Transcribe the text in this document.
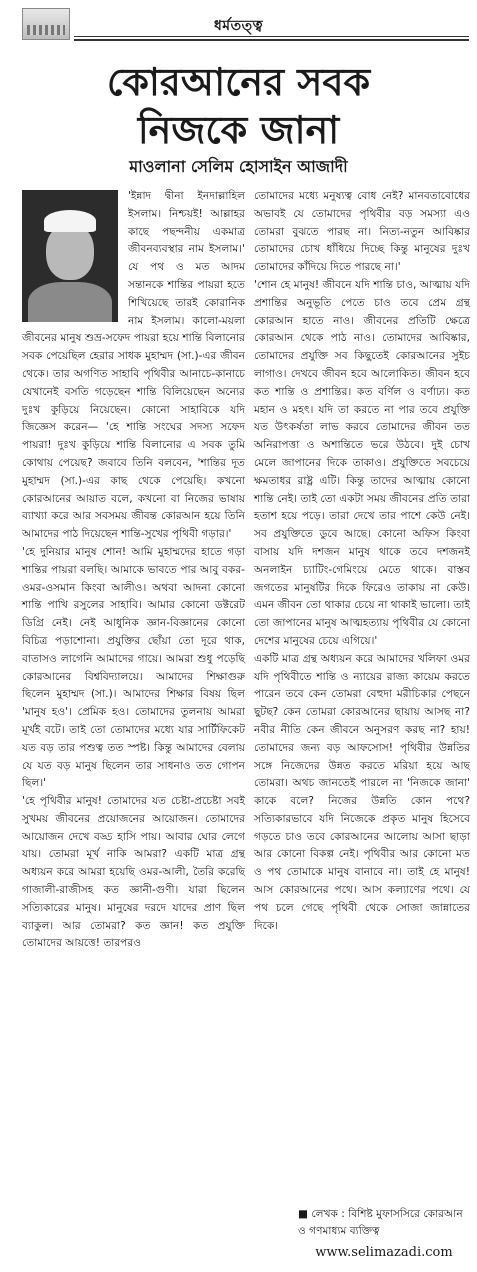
ধর্মতত্ত্ব
কোরআনের সবক
নিজকে জানা
মাওলানা সেলিম হোসাইন আজাদী

'ইন্নাদ দ্বীনা ইনদাল্লাহিল ইসলাম। নিশ্চয়ই! আল্লাহর কাছে পছন্দনীয় একমাত্র জীবনব্যবস্থার নাম ইসলাম।' যে পথ ও মত আদম সন্তানকে শান্তির পায়রা হতে শিখিয়েছে তারই কোরানিক নাম ইসলাম। কালো-ময়লা জীবনের মানুষ শুভ্র-সফেদ পায়রা হয়ে শান্তি বিলানোর সবক পেয়েছিল হেরার সাধক মুহাম্মদ (সা.)-এর জীবন থেকে। তার অগণিত সাহাবি পৃথিবীর আনাচে-কানাচে যেখানেই বসতি গড়েছেন শান্তি বিলিয়েছেন অন্যের দুঃখ কুড়িয়ে নিয়েছেন। কোনো সাহাবিকে যদি জিজ্ঞেস করেন— 'হে শান্তি সংঘের সদস্য সফেদ পায়রা! দুঃখ কুড়িয়ে শান্তি বিলানোর এ সবক তুমি কোথায় পেয়েছ? জবাবে তিনি বলবেন, 'শান্তির দূত মুহাম্মদ (সা.)-এর কাছ থেকে পেয়েছি। কখনো কোরআনের আয়াত বলে, কখনো বা নিজের ভাষায় ব্যাখ্যা করে আর সবসময় জীবন্ত কোরআন হয়ে তিনি আমাদের পাঠ দিয়েছেন শান্তি-সুখের পৃথিবী গড়ার।'

'হে দুনিয়ার মানুষ শোন! আমি মুহাম্মদের হাতে গড়া শান্তির পায়রা বলছি। আমাকে ভাবতে পার আবু বকর-ওমর-ওসমান কিংবা আলীও। অথবা আদনা কোনো শান্তি পাখি রসুলের সাহাবি। আমার কোনো ডক্টরেট ডিগ্রি নেই। নেই আধুনিক জ্ঞান-বিজ্ঞানের কোনো বিচিত্র পড়াশোনা। প্রযুক্তির ছোঁয়া তো দূরে থাক, বাতাসও লাগেনি আমাদের গায়ে। আমরা শুধু পড়েছি কোরআনের বিশ্ববিদ্যালয়ে। আমাদের শিক্ষাগুরু ছিলেন মুহাম্মদ (সা.)। আমাদের শিক্ষার বিষয় ছিল 'মানুষ হও'। প্রেমিক হও। তোমাদের তুলনায় আমরা মূর্খই বটে। তাই তো তোমাদের মধ্যে যার সার্টিফিকেট যত বড় তার পশুত্ব তত স্পষ্ট। কিন্তু আমাদের বেলায় যে যত বড় মানুষ ছিলেন তার সাধনাও তত গোপন ছিল।'

'হে পৃথিবীর মানুষ! তোমাদের যত চেষ্টা-প্রচেষ্টা সবই সুখময় জীবনের প্রয়োজনের আয়োজন। তোমাদের আয়োজন দেখে বড্ড হাসি পায়। আবার ঘোর লেগে যায়। তোমরা মূর্খ নাকি আমরা? একটি মাত্র গ্রন্থ অধ্যয়ন করে আমরা হয়েছি ওমর-আলী, তৈরি করেছি গাজালী-রাজীসহ কত জ্ঞানী-গুণী। যারা ছিলেন সত্যিকারের মানুষ। মানুষের দরদে যাদের প্রাণ ছিল ব্যাকুল। আর তোমরা? কত জ্ঞান! কত প্রযুক্তি তোমাদের আয়ত্তে! তারপরও

তোমাদের মধ্যে মনুষ্যত্ব বোধ নেই? মানবতাবোধের অভাবই যে তোমাদের পৃথিবীর বড় সমস্যা এও তোমরা বুঝতে পারছ না। নিত্য-নতুন আবিষ্কার তোমাদের চোখ ধাঁধিয়ে দিচ্ছে কিন্তু মানুষের দুঃখ তোমাদের কাঁদিয়ে দিতে পারছে না।'

'শোন হে মানুষ! জীবনে যদি শান্তি চাও, আত্মায় যদি প্রশান্তির অনুভূতি পেতে চাও তবে প্রেম গ্রন্থ কোরআন হাতে নাও। জীবনের প্রতিটি ক্ষেত্রে কোরআন থেকে পাঠ নাও। তোমাদের আবিষ্কার, তোমাদের প্রযুক্তি সব কিছুতেই কোরআনের সুইচ লাগাও। দেখবে জীবন হবে আলোকিত। জীবন হবে কত শান্তি ও প্রশান্তির। কত বর্ণিল ও বর্ণাঢ্য। কত মহান ও মহৎ। যদি তা করতে না পার তবে প্রযুক্তি যত উৎকর্ষতা লাভ করবে তোমাদের জীবন তত অনিরাপত্তা ও অশান্তিতে ভরে উঠবে। দুই চোখ মেলে জাপানের দিকে তাকাও। প্রযুক্তিতে সবচেয়ে ক্ষমতাধর রাষ্ট্র এটি। কিন্তু তাদের আত্মায় কোনো শান্তি নেই। তাই তো একটা সময় জীবনের প্রতি তারা হতাশ হয়ে পড়ে। তারা দেখে তার পাশে কেউ নেই। সব প্রযুক্তিতে ডুবে আছে। কোনো অফিস কিংবা বাসায় যদি দশজন মানুষ থাকে তবে দশজনই অনলাইন চ্যাটিং-গেমিংয়ে মেতে থাকে। বাস্তব জগতের মানুষটির দিকে ফিরেও তাকায় না কেউ। এমন জীবন তো থাকার চেয়ে না থাকাই ভালো। তাই তো জাপানের মানুষ আত্মহত্যায় পৃথিবীর যে কোনো দেশের মানুষের চেয়ে এগিয়ে।'

একটি মাত্র গ্রন্থ অধ্যয়ন করে আমাদের খলিফা ওমর যদি পৃথিবীতে শান্তি ও ন্যায়ের রাজ্য কায়েম করতে পারেন তবে কেন তোমরা বেহুদা মরীচিকার পেছনে ছুটছ? কেন তোমরা কোরআনের ছায়ায় আসছ না? নবীর নীতি কেন জীবনে অনুসরণ করছ না? হায়! তোমাদের জন্য বড় আফসোস! পৃথিবীর উন্নতির সঙ্গে নিজেদের উন্নত করতে মরিয়া হয়ে আছ তোমরা। অথচ জানতেই পারলে না 'নিজকে জানা' কাকে বলে? নিজের উন্নতি কোন পথে? সত্যিকারভাবে যদি নিজেকে প্রকৃত মানুষ হিসেবে গড়তে চাও তবে কোরআনের আলোয় আসা ছাড়া আর কোনো বিকল্প নেই। পৃথিবীর আর কোনো মত ও পথ তোমাকে মানুষ বানাবে না। তাই হে মানুষ! আস কোরআনের পথে। আস কল্যাণের পথে। যে পথ চলে গেছে পৃথিবী থেকে সোজা জান্নাতের দিকে।

■ লেখক : বিশিষ্ট মুফাসসিরে কোরআন ও গণমাধ্যম ব্যক্তিত্ব
www.selimazadi.com
